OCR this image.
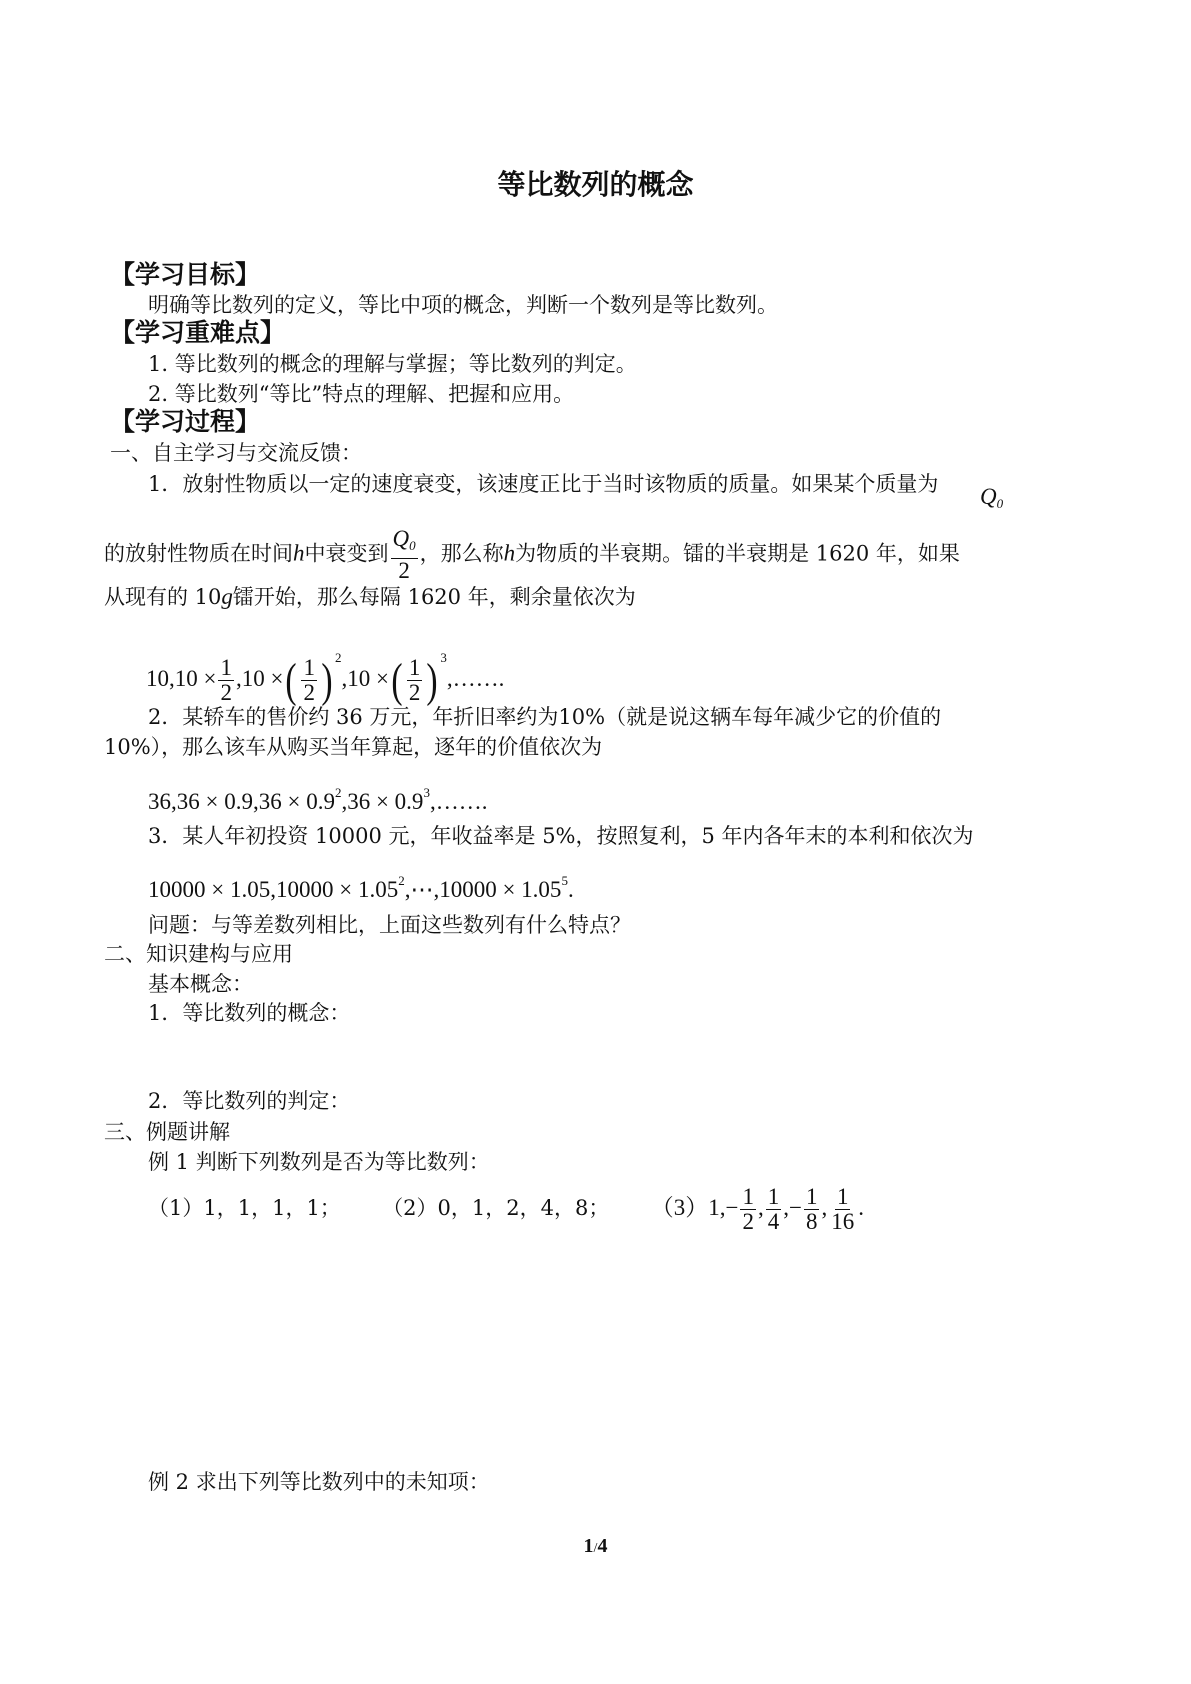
等比数列的概念
【学习目标】
明确等比数列的定义，等比中项的概念，判断一个数列是等比数列。
【学习重难点】
1. 等比数列的概念的理解与掌握；等比数列的判定。
2. 等比数列“等比”特点的理解、把握和应用。
【学习过程】
一、自主学习与交流反馈：
1．放射性物质以一定的速度衰变，该速度正比于当时该物质的质量。如果某个质量为 $Q_0$
的放射性物质在时间h中衰变到 $\frac{Q_0}{2}$ ，那么称h为物质的半衰期。镭的半衰期是 1620 年，如果
从现有的 10g镭开始，那么每隔 1620 年，剩余量依次为
$10,10 \times \frac{1}{2} ,10$ ×( $\frac{1}{2}$ ) $^2$,10 ×( $\frac{1}{2}$ ) $^3$,…….
2．某轿车的售价约 36 万元，年折旧率约为10%（就是说这辆车每年减少它的价值的
10%），那么该车从购买当年算起，逐年的价值依次为
$36,36 \times 0.9,36 \times 0.9^2,36$ × $0.9^3,\dots\dots$.
3．某人年初投资 10000 元，年收益率是 5%，按照复利，5 年内各年末的本利和依次为
$10000 \times 1.05,10000 \times 1.05^2,\cdots,10000 \times 1.05^5$.
问题：与等差数列相比，上面这些数列有什么特点？
二、知识建构与应用
基本概念：
1．等比数列的概念：
2．等比数列的判定：
三、例题讲解
例 1 判断下列数列是否为等比数列：
（1）1，1，1，1； （2）0，1，2，4，8； $(3)1,- \frac{1}{2}$ , $\frac{1}{4}$ ,− $\frac{1}{8}$ , $\frac{1}{16}$ .
例 2 求出下列等比数列中的未知项：
1/4
